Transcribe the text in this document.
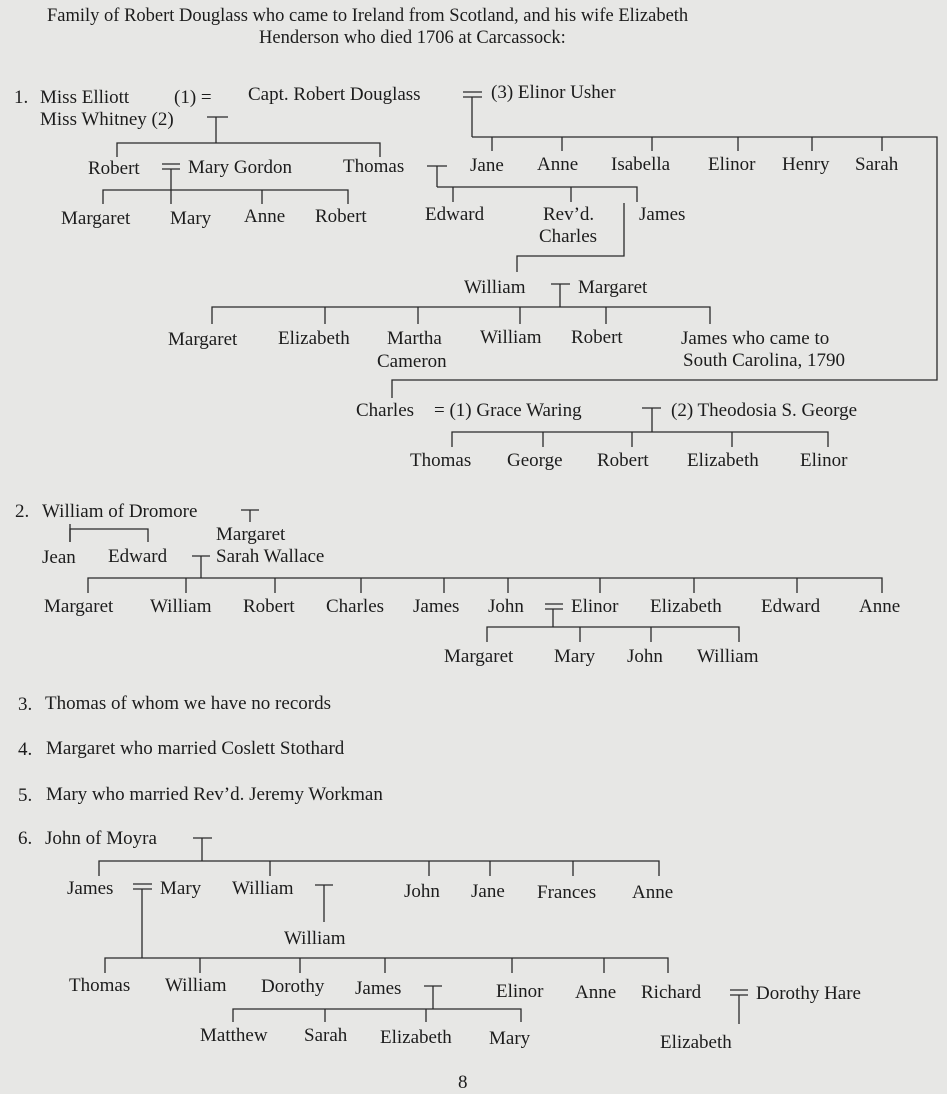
Family of Robert Douglass who came to Ireland from Scotland, and his wife Elizabeth
Henderson who died 1706 at Carcassock:
1. Miss Elliott (1) = Capt. Robert Douglass	(3) Elinor Usher
Miss Whitney (2)
Robert	Mary Gordon	Thomas	Jane Anne Isabella Elinor Henry Sarah
Margaret Mary Anne Robert	Edward	Rev’d.
Charles
James
William	Margaret
Margaret Elizabeth Martha
Cameron
William Robert	James who came to
South Carolina, 1790
Charles = (1) Grace Waring	(2) Theodosia S. George
Thomas George Robert Elizabeth Elinor
2. William of Dromore
Margaret
Jean Edward	Sarah Wallace
Margaret William Robert Charles James John Elinor Elizabeth Edward Anne
Margaret Mary John William
3. Thomas of whom we have no records
4. Margaret who married Coslett Stothard
5. Mary who married Rev’d. Jeremy Workman
6. John of Moyra
James Mary William	John Jane Frances Anne
William
Thomas William Dorothy James	Elinor Anne Richard	Dorothy Hare
Matthew Sarah Elizabeth Mary	Elizabeth
8
